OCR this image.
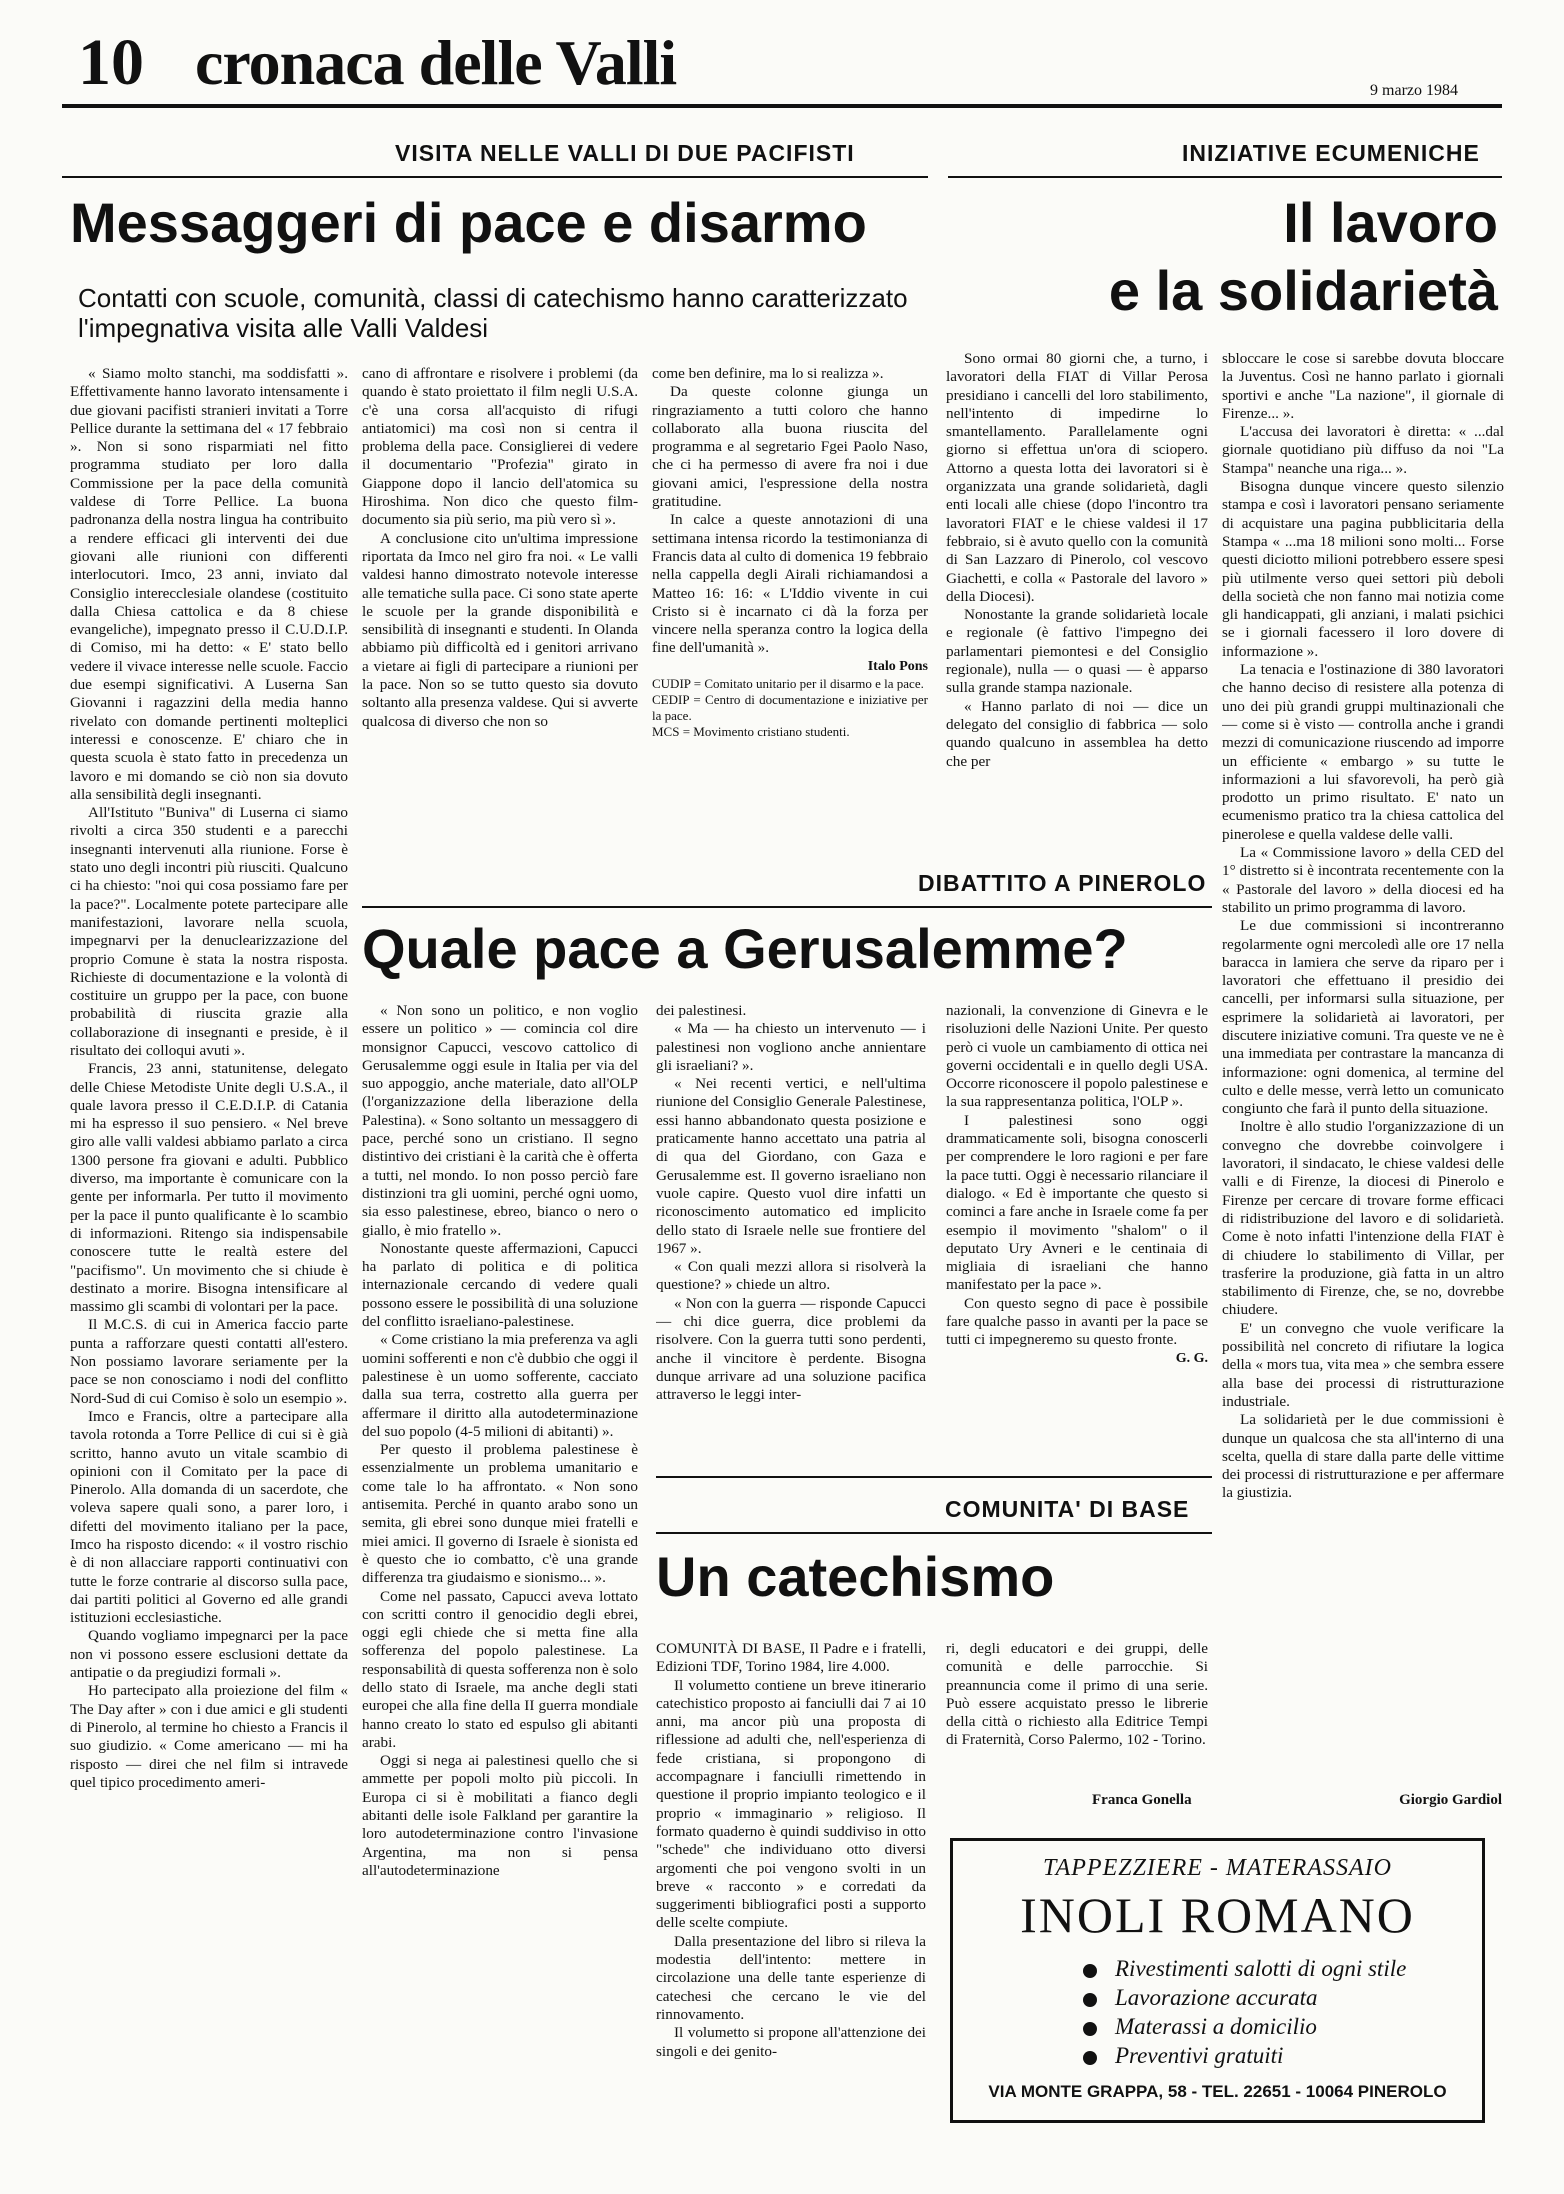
10 cronaca delle Valli	9 marzo 1984
VISITA NELLE VALLI DI DUE PACIFISTI
Messaggeri di pace e disarmo
Contatti con scuole, comunità, classi di catechismo hanno caratterizzato l'impegnativa visita alle Valli Valdesi

« Siamo molto stanchi, ma soddisfatti ». Effettivamente hanno lavorato intensamente i due giovani pacifisti stranieri invitati a Torre Pellice durante la settimana del « 17 febbraio ». Non si sono risparmiati nel fitto programma studiato per loro dalla Commissione per la pace della comunità valdese di Torre Pellice. La buona padronanza della nostra lingua ha contribuito a rendere efficaci gli interventi dei due giovani alle riunioni con differenti interlocutori. Imco, 23 anni, inviato dal Consiglio interecclesiale olandese (costituito dalla Chiesa cattolica e da 8 chiese evangeliche), impegnato presso il C.U.D.I.P. di Comiso, mi ha detto: « E' stato bello vedere il vivace interesse nelle scuole. Faccio due esempi significativi. A Luserna San Giovanni i ragazzini della media hanno rivelato con domande pertinenti molteplici interessi e conoscenze. E' chiaro che in questa scuola è stato fatto in precedenza un lavoro e mi domando se ciò non sia dovuto alla sensibilità degli insegnanti.

All'Istituto "Buniva" di Luserna ci siamo rivolti a circa 350 studenti e a parecchi insegnanti intervenuti alla riunione. Forse è stato uno degli incontri più riusciti. Qualcuno ci ha chiesto: "noi qui cosa possiamo fare per la pace?". Localmente potete partecipare alle manifestazioni, lavorare nella scuola, impegnarvi per la denuclearizzazione del proprio Comune è stata la nostra risposta. Richieste di documentazione e la volontà di costituire un gruppo per la pace, con buone probabilità di riuscita grazie alla collaborazione di insegnanti e preside, è il risultato dei colloqui avuti ».

Francis, 23 anni, statunitense, delegato delle Chiese Metodiste Unite degli U.S.A., il quale lavora presso il C.E.D.I.P. di Catania mi ha espresso il suo pensiero. « Nel breve giro alle valli valdesi abbiamo parlato a circa 1300 persone fra giovani e adulti. Pubblico diverso, ma importante è comunicare con la gente per informarla. Per tutto il movimento per la pace il punto qualificante è lo scambio di informazioni. Ritengo sia indispensabile conoscere tutte le realtà estere del "pacifismo". Un movimento che si chiude è destinato a morire. Bisogna intensificare al massimo gli scambi di volontari per la pace.

Il M.C.S. di cui in America faccio parte punta a rafforzare questi contatti all'estero. Non possiamo lavorare seriamente per la pace se non conosciamo i nodi del conflitto Nord-Sud di cui Comiso è solo un esempio ».

Imco e Francis, oltre a partecipare alla tavola rotonda a Torre Pellice di cui si è già scritto, hanno avuto un vitale scambio di opinioni con il Comitato per la pace di Pinerolo. Alla domanda di un sacerdote, che voleva sapere quali sono, a parer loro, i difetti del movimento italiano per la pace, Imco ha risposto dicendo: « il vostro rischio è di non allacciare rapporti continuativi con tutte le forze contrarie al discorso sulla pace, dai partiti politici al Governo ed alle grandi istituzioni ecclesiastiche.

Quando vogliamo impegnarci per la pace non vi possono essere esclusioni dettate da antipatie o da pregiudizi formali ».

Ho partecipato alla proiezione del film « The Day after » con i due amici e gli studenti di Pinerolo, al termine ho chiesto a Francis il suo giudizio. « Come americano — mi ha risposto — direi che nel film si intravede quel tipico procedimento ameri-

cano di affrontare e risolvere i problemi (da quando è stato proiettato il film negli U.S.A. c'è una corsa all'acquisto di rifugi antiatomici) ma così non si centra il problema della pace. Consiglierei di vedere il documentario "Profezia" girato in Giappone dopo il lancio dell'atomica su Hiroshima. Non dico che questo film-documento sia più serio, ma più vero sì ».

A conclusione cito un'ultima impressione riportata da Imco nel giro fra noi. « Le valli valdesi hanno dimostrato notevole interesse alle tematiche sulla pace. Ci sono state aperte le scuole per la grande disponibilità e sensibilità di insegnanti e studenti. In Olanda abbiamo più difficoltà ed i genitori arrivano a vietare ai figli di partecipare a riunioni per la pace. Non so se tutto questo sia dovuto soltanto alla presenza valdese. Qui si avverte qualcosa di diverso che non so

come ben definire, ma lo si realizza ».

Da queste colonne giunga un ringraziamento a tutti coloro che hanno collaborato alla buona riuscita del programma e al segretario Fgei Paolo Naso, che ci ha permesso di avere fra noi i due giovani amici, l'espressione della nostra gratitudine.

In calce a queste annotazioni di una settimana intensa ricordo la testimonianza di Francis data al culto di domenica 19 febbraio nella cappella degli Airali richiamandosi a Matteo 16: 16: « L'Iddio vivente in cui Cristo si è incarnato ci dà la forza per vincere nella speranza contro la logica della fine dell'umanità ».

Italo Pons
CUDIP = Comitato unitario per il disarmo e la pace.
CEDIP = Centro di documentazione e iniziative per la pace.
MCS = Movimento cristiano studenti.
INIZIATIVE ECUMENICHE
Il lavoro
e la solidarietà

Sono ormai 80 giorni che, a turno, i lavoratori della FIAT di Villar Perosa presidiano i cancelli del loro stabilimento, nell'intento di impedirne lo smantellamento. Parallelamente ogni giorno si effettua un'ora di sciopero. Attorno a questa lotta dei lavoratori si è organizzata una grande solidarietà, dagli enti locali alle chiese (dopo l'incontro tra lavoratori FIAT e le chiese valdesi il 17 febbraio, si è avuto quello con la comunità di San Lazzaro di Pinerolo, col vescovo Giachetti, e colla « Pastorale del lavoro » della Diocesi).

Nonostante la grande solidarietà locale e regionale (è fattivo l'impegno dei parlamentari piemontesi e del Consiglio regionale), nulla — o quasi — è apparso sulla grande stampa nazionale.

« Hanno parlato di noi — dice un delegato del consiglio di fabbrica — solo quando qualcuno in assemblea ha detto che per

sbloccare le cose si sarebbe dovuta bloccare la Juventus. Così ne hanno parlato i giornali sportivi e anche "La nazione", il giornale di Firenze... ».

L'accusa dei lavoratori è diretta: « ...dal giornale quotidiano più diffuso da noi "La Stampa" neanche una riga... ».

Bisogna dunque vincere questo silenzio stampa e così i lavoratori pensano seriamente di acquistare una pagina pubblicitaria della Stampa « ...ma 18 milioni sono molti... Forse questi diciotto milioni potrebbero essere spesi più utilmente verso quei settori più deboli della società che non fanno mai notizia come gli handicappati, gli anziani, i malati psichici se i giornali facessero il loro dovere di informazione ».

La tenacia e l'ostinazione di 380 lavoratori che hanno deciso di resistere alla potenza di uno dei più grandi gruppi multinazionali che — come si è visto — controlla anche i grandi mezzi di comunicazione riuscendo ad imporre un efficiente « embargo » su tutte le informazioni a lui sfavorevoli, ha però già prodotto un primo risultato. E' nato un ecumenismo pratico tra la chiesa cattolica del pinerolese e quella valdese delle valli.

La « Commissione lavoro » della CED del 1° distretto si è incontrata recentemente con la « Pastorale del lavoro » della diocesi ed ha stabilito un primo programma di lavoro.

Le due commissioni si incontreranno regolarmente ogni mercoledì alle ore 17 nella baracca in lamiera che serve da riparo per i lavoratori che effettuano il presidio dei cancelli, per informarsi sulla situazione, per esprimere la solidarietà ai lavoratori, per discutere iniziative comuni. Tra queste ve ne è una immediata per contrastare la mancanza di informazione: ogni domenica, al termine del culto e delle messe, verrà letto un comunicato congiunto che farà il punto della situazione.

Inoltre è allo studio l'organizzazione di un convegno che dovrebbe coinvolgere i lavoratori, il sindacato, le chiese valdesi delle valli e di Firenze, la diocesi di Pinerolo e Firenze per cercare di trovare forme efficaci di ridistribuzione del lavoro e di solidarietà. Come è noto infatti l'intenzione della FIAT è di chiudere lo stabilimento di Villar, per trasferire la produzione, già fatta in un altro stabilimento di Firenze, che, se no, dovrebbe chiudere.

E' un convegno che vuole verificare la possibilità nel concreto di rifiutare la logica della « mors tua, vita mea » che sembra essere alla base dei processi di ristrutturazione industriale.

La solidarietà per le due commissioni è dunque un qualcosa che sta all'interno di una scelta, quella di stare dalla parte delle vittime dei processi di ristrutturazione e per affermare la giustizia.

Giorgio Gardiol
DIBATTITO A PINEROLO
Quale pace a Gerusalemme?

« Non sono un politico, e non voglio essere un politico » — comincia col dire monsignor Capucci, vescovo cattolico di Gerusalemme oggi esule in Italia per via del suo appoggio, anche materiale, dato all'OLP (l'organizzazione della liberazione della Palestina). « Sono soltanto un messaggero di pace, perché sono un cristiano. Il segno distintivo dei cristiani è la carità che è offerta a tutti, nel mondo. Io non posso perciò fare distinzioni tra gli uomini, perché ogni uomo, sia esso palestinese, ebreo, bianco o nero o giallo, è mio fratello ».

Nonostante queste affermazioni, Capucci ha parlato di politica e di politica internazionale cercando di vedere quali possono essere le possibilità di una soluzione del conflitto israeliano-palestinese.

« Come cristiano la mia preferenza va agli uomini sofferenti e non c'è dubbio che oggi il palestinese è un uomo sofferente, cacciato dalla sua terra, costretto alla guerra per affermare il diritto alla autodeterminazione del suo popolo (4-5 milioni di abitanti) ».

Per questo il problema palestinese è essenzialmente un problema umanitario e come tale lo ha affrontato. « Non sono antisemita. Perché in quanto arabo sono un semita, gli ebrei sono dunque miei fratelli e miei amici. Il governo di Israele è sionista ed è questo che io combatto, c'è una grande differenza tra giudaismo e sionismo... ».

Come nel passato, Capucci aveva lottato con scritti contro il genocidio degli ebrei, oggi egli chiede che si metta fine alla sofferenza del popolo palestinese. La responsabilità di questa sofferenza non è solo dello stato di Israele, ma anche degli stati europei che alla fine della II guerra mondiale hanno creato lo stato ed espulso gli abitanti arabi.

Oggi si nega ai palestinesi quello che si ammette per popoli molto più piccoli. In Europa ci si è mobilitati a fianco degli abitanti delle isole Falkland per garantire la loro autodeterminazione contro l'invasione Argentina, ma non si pensa all'autodeterminazione

dei palestinesi.

« Ma — ha chiesto un intervenuto — i palestinesi non vogliono anche annientare gli israeliani? ».

« Nei recenti vertici, e nell'ultima riunione del Consiglio Generale Palestinese, essi hanno abbandonato questa posizione e praticamente hanno accettato una patria al di qua del Giordano, con Gaza e Gerusalemme est. Il governo israeliano non vuole capire. Questo vuol dire infatti un riconoscimento automatico ed implicito dello stato di Israele nelle sue frontiere del 1967 ».

« Con quali mezzi allora si risolverà la questione? » chiede un altro.

« Non con la guerra — risponde Capucci — chi dice guerra, dice problemi da risolvere. Con la guerra tutti sono perdenti, anche il vincitore è perdente. Bisogna dunque arrivare ad una soluzione pacifica attraverso le leggi inter-

nazionali, la convenzione di Ginevra e le risoluzioni delle Nazioni Unite. Per questo però ci vuole un cambiamento di ottica nei governi occidentali e in quello degli USA. Occorre riconoscere il popolo palestinese e la sua rappresentanza politica, l'OLP ».

I palestinesi sono oggi drammaticamente soli, bisogna conoscerli per comprendere le loro ragioni e per fare la pace tutti. Oggi è necessario rilanciare il dialogo. « Ed è importante che questo si cominci a fare anche in Israele come fa per esempio il movimento "shalom" o il deputato Ury Avneri e le centinaia di migliaia di israeliani che hanno manifestato per la pace ».

Con questo segno di pace è possibile fare qualche passo in avanti per la pace se tutti ci impegneremo su questo fronte.

G. G.
COMUNITA' DI BASE
Un catechismo

COMUNITÀ DI BASE, Il Padre e i fratelli, Edizioni TDF, Torino 1984, lire 4.000.

Il volumetto contiene un breve itinerario catechistico proposto ai fanciulli dai 7 ai 10 anni, ma ancor più una proposta di riflessione ad adulti che, nell'esperienza di fede cristiana, si propongono di accompagnare i fanciulli rimettendo in questione il proprio impianto teologico e il proprio « immaginario » religioso. Il formato quaderno è quindi suddiviso in otto "schede" che individuano otto diversi argomenti che poi vengono svolti in un breve « racconto » e corredati da suggerimenti bibliografici posti a supporto delle scelte compiute.

Dalla presentazione del libro si rileva la modestia dell'intento: mettere in circolazione una delle tante esperienze di catechesi che cercano le vie del rinnovamento.

Il volumetto si propone all'attenzione dei singoli e dei genito-

ri, degli educatori e dei gruppi, delle comunità e delle parrocchie. Si preannuncia come il primo di una serie. Può essere acquistato presso le librerie della città o richiesto alla Editrice Tempi di Fraternità, Corso Palermo, 102 - Torino.

Franca Gonella
TAPPEZZIERE - MATERASSAIO
INOLI ROMANO
Rivestimenti salotti di ogni stile
Lavorazione accurata
Materassi a domicilio
Preventivi gratuiti
VIA MONTE GRAPPA, 58 - TEL. 22651 - 10064 PINEROLO
